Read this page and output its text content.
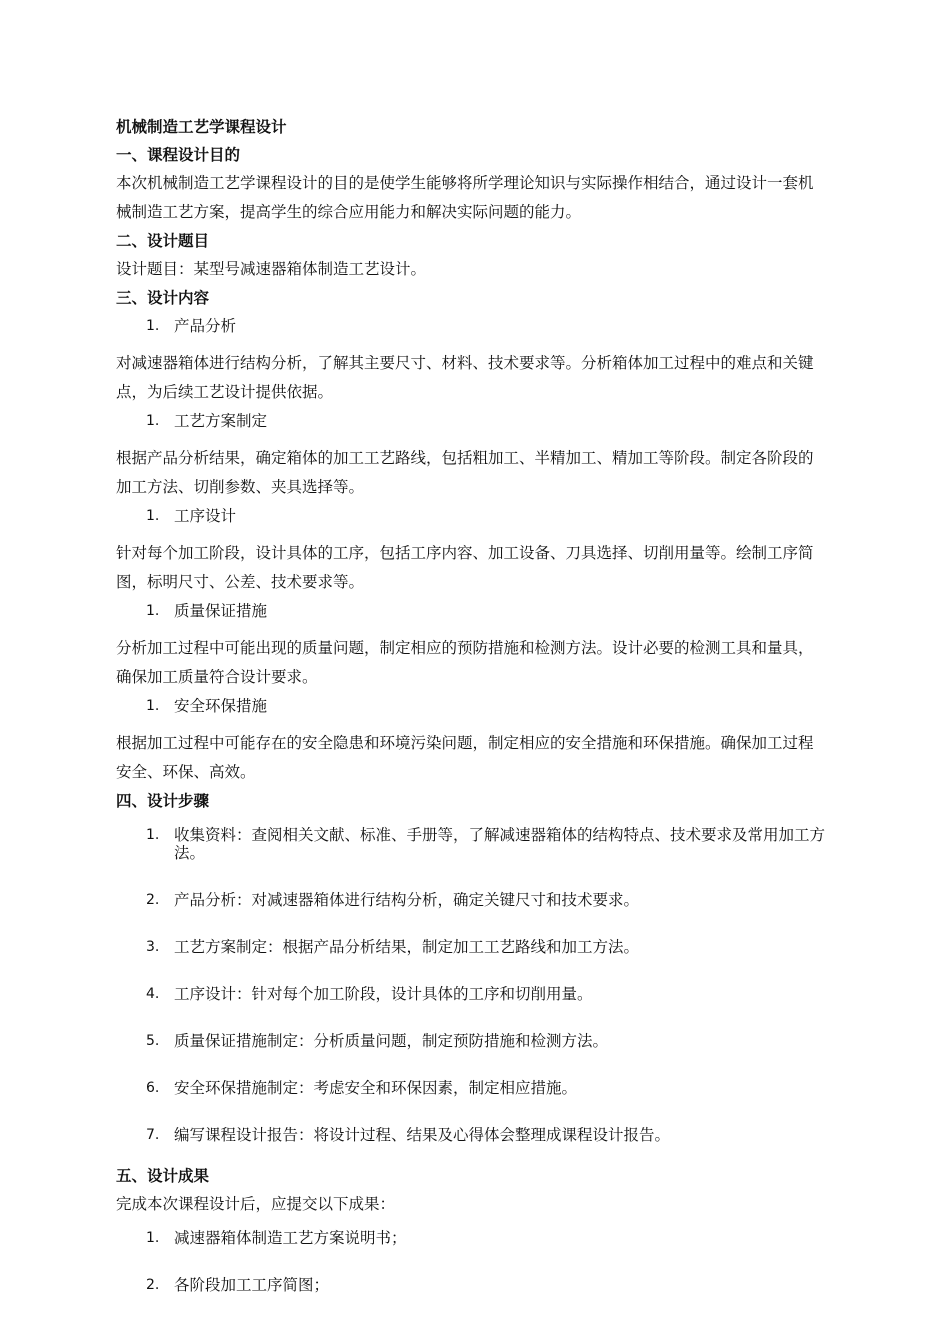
机械制造工艺学课程设计

一、课程设计目的

本次机械制造工艺学课程设计的目的是使学生能够将所学理论知识与实际操作相结合，通过设计一套机械制造工艺方案，提高学生的综合应用能力和解决实际问题的能力。

二、设计题目

设计题目：某型号减速器箱体制造工艺设计。

三、设计内容

1. 产品分析

对减速器箱体进行结构分析，了解其主要尺寸、材料、技术要求等。分析箱体加工过程中的难点和关键点，为后续工艺设计提供依据。

1. 工艺方案制定

根据产品分析结果，确定箱体的加工工艺路线，包括粗加工、半精加工、精加工等阶段。制定各阶段的加工方法、切削参数、夹具选择等。

1. 工序设计

针对每个加工阶段，设计具体的工序，包括工序内容、加工设备、刀具选择、切削用量等。绘制工序简图，标明尺寸、公差、技术要求等。

1. 质量保证措施

分析加工过程中可能出现的质量问题，制定相应的预防措施和检测方法。设计必要的检测工具和量具，确保加工质量符合设计要求。

1. 安全环保措施

根据加工过程中可能存在的安全隐患和环境污染问题，制定相应的安全措施和环保措施。确保加工过程安全、环保、高效。

四、设计步骤

1. 收集资料：查阅相关文献、标准、手册等，了解减速器箱体的结构特点、技术要求及常用加工方法。
2. 产品分析：对减速器箱体进行结构分析，确定关键尺寸和技术要求。
3. 工艺方案制定：根据产品分析结果，制定加工工艺路线和加工方法。
4. 工序设计：针对每个加工阶段，设计具体的工序和切削用量。
5. 质量保证措施制定：分析质量问题，制定预防措施和检测方法。
6. 安全环保措施制定：考虑安全和环保因素，制定相应措施。
7. 编写课程设计报告：将设计过程、结果及心得体会整理成课程设计报告。

五、设计成果

完成本次课程设计后，应提交以下成果：

1. 减速器箱体制造工艺方案说明书；
2. 各阶段加工工序简图；
